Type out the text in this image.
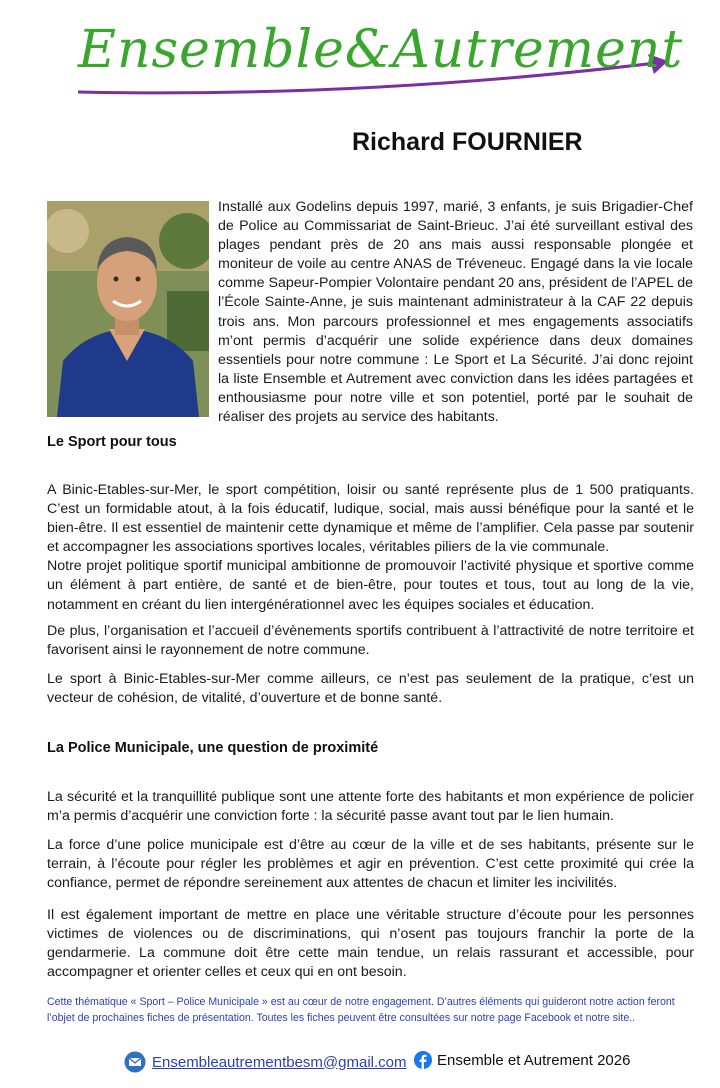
Ensemble&Autrement
Richard FOURNIER
Installé aux Godelins depuis 1997, marié, 3 enfants, je suis Brigadier-Chef de Police au Commissariat de Saint-Brieuc. J’ai été surveillant estival des plages pendant près de 20 ans mais aussi responsable plongée et moniteur de voile au centre ANAS de Tréveneuc. Engagé dans la vie locale comme Sapeur-Pompier Volontaire pendant 20 ans, président de l’APEL de l’École Sainte-Anne, je suis maintenant administrateur à la CAF 22 depuis trois ans. Mon parcours professionnel et mes engagements associatifs m’ont permis d’acquérir une solide expérience dans deux domaines essentiels pour notre commune : Le Sport et La Sécurité. J’ai donc rejoint la liste Ensemble et Autrement avec conviction dans les idées partagées et enthousiasme pour notre ville et son potentiel, porté par le souhait de réaliser des projets au service des habitants.
Le Sport pour tous

A Binic-Etables-sur-Mer, le sport compétition, loisir ou santé représente plus de 1 500 pratiquants. C’est un formidable atout, à la fois éducatif, ludique, social, mais aussi bénéfique pour la santé et le bien-être. Il est essentiel de maintenir cette dynamique et même de l’amplifier. Cela passe par soutenir et accompagner les associations sportives locales, véritables piliers de la vie communale.

Notre projet politique sportif municipal ambitionne de promouvoir l’activité physique et sportive comme un élément à part entière, de santé et de bien-être, pour toutes et tous, tout au long de la vie, notamment en créant du lien intergénérationnel avec les équipes sociales et éducation.

De plus, l’organisation et l’accueil d’évènements sportifs contribuent à l’attractivité de notre territoire et favorisent ainsi le rayonnement de notre commune.
Le sport à Binic-Etables-sur-Mer comme ailleurs, ce n’est pas seulement de la pratique, c’est un vecteur de cohésion, de vitalité, d’ouverture et de bonne santé.
La Police Municipale, une question de proximité
La sécurité et la tranquillité publique sont une attente forte des habitants et mon expérience de policier m’a permis d’acquérir une conviction forte : la sécurité passe avant tout par le lien humain.
La force d’une police municipale est d’être au cœur de la ville et de ses habitants, présente sur le terrain, à l’écoute pour régler les problèmes et agir en prévention. C’est cette proximité qui crée la confiance, permet de répondre sereinement aux attentes de chacun et limiter les incivilités.
Il est également important de mettre en place une véritable structure d’écoute pour les personnes victimes de violences ou de discriminations, qui n’osent pas toujours franchir la porte de la gendarmerie. La commune doit être cette main tendue, un relais rassurant et accessible, pour accompagner et orienter celles et ceux qui en ont besoin.
Cette thématique « Sport – Police Municipale » est au cœur de notre engagement. D’autres éléments qui guideront notre action feront l’objet de prochaines fiches de présentation. Toutes les fiches peuvent être consultées sur notre page Facebook et notre site..
Ensembleautrementbesm@gmail.com Ensemble et Autrement 2026
